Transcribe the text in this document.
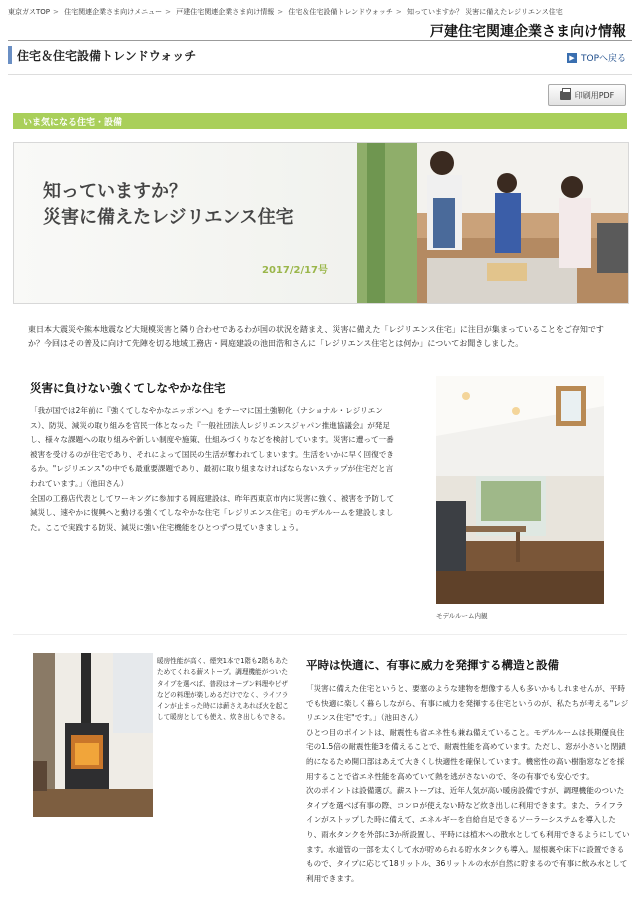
東京ガスTOP > 住宅関連企業さま向けメニュー > 戸建住宅関連企業さま向け情報 > 住宅＆住宅設備トレンドウォッチ > 知っていますか？ 災害に備えたレジリエンス住宅
戸建住宅関連企業さま向け情報
住宅＆住宅設備トレンドウォッチ	▶ TOPへ戻る
印刷用PDF
いま気になる住宅・設備
知っていますか？
災害に備えたレジリエンス住宅
2017/2/17号
東日本大震災や熊本地震など大規模災害と隣り合わせであるわが国の状況を踏まえ、災害に備えた「レジリエンス住宅」に注目が集まっていることをご存知ですか？今回はその普及に向けて先陣を切る地域工務店・岡庭建設の池田浩和さんに「レジリエンス住宅とは何か」についてお聞きしました。
災害に負けない強くてしなやかな住宅

「我が国では2年前に『強くてしなやかなニッポンへ』をテーマに国土強靭化（ナショナル・レジリエンス）、防災、減災の取り組みを官民一体となった『一般社団法人レジリエンスジャパン推進協議会』が発足し、様々な課題への取り組みや新しい制度や施策、仕組みづくりなどを検討しています。災害に遭って一番被害を受けるのが住宅であり、それによって国民の生活が奪われてしまいます。生活をいかに早く回復できるか。"レジリエンス"の中でも最重要課題であり、最初に取り組まなければならないステップが住宅だと言われています。」（池田さん）

全国の工務店代表としてワーキングに参加する岡庭建設は、昨年西東京市内に災害に強く、被害を予防して減災し、速やかに復興へと動ける強くてしなやかな住宅「レジリエンス住宅」のモデルルームを建設しました。ここで実践する防災、減災に強い住宅機能をひとつずつ見ていきましょう。

モデルルーム内観
暖房性能が高く、煙突1本で1階も2階もあたためてくれる薪ストーブ。調理機能がついたタイプを選べば、普段はオーブン料理やピザなどの料理が楽しめるだけでなく、ライフラインが止まった時には薪さえあれば火を起こして暖房としても使え、炊き出しもできる。
平時は快適に、有事に威力を発揮する構造と設備

「災害に備えた住宅というと、要塞のような建物を想像する人も多いかもしれませんが、平時でも快適に楽しく暮らしながら、有事に威力を発揮する住宅というのが、私たちが考える"レジリエンス住宅"です。」（池田さん）

ひとつ目のポイントは、耐震性も省エネ性も兼ね備えていること。モデルルームは長期優良住宅の1.5倍の耐震性能3を備えることで、耐震性能を高めています。ただし、窓が小さいと閉鎖的になるため開口部はあえて大きくし快適性を確保しています。機密性の高い樹脂窓などを採用することで省エネ性能を高めていて熱を逃がさないので、冬の有事でも安心です。

次のポイントは設備選び。薪ストーブは、近年人気が高い暖房設備ですが、調理機能のついたタイプを選べば有事の際、コンロが使えない時など炊き出しに利用できます。また、ライフラインがストップした時に備えて、エネルギーを自給自足できるソーラーシステムを導入したり、雨水タンクを外部に3か所設置し、平時には植木への散水としても利用できるようにしています。水道管の一部を太くして水が貯められる貯水タンクも導入。屋根裏や床下に設置できるもので、タイプに応じて18リットル、36リットルの水が自然に貯まるので有事に飲み水として利用できます。
